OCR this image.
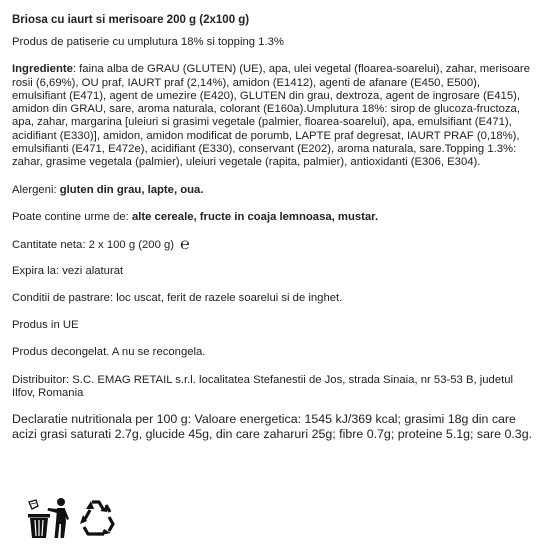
Briosa cu iaurt si merisoare 200 g (2x100 g)

Produs de patiserie cu umplutura 18% si topping 1.3%

Ingrediente: faina alba de GRAU (GLUTEN) (UE), apa, ulei vegetal (floarea-soarelui), zahar, merisoare rosii (6,69%), OU praf, IAURT praf (2,14%), amidon (E1412), agenti de afanare (E450, E500), emulsifiant (E471), agent de umezire (E420), GLUTEN din grau, dextroza, agent de ingrosare (E415), amidon din GRAU, sare, aroma naturala, colorant (E160a).Umplutura 18%: sirop de glucoza-fructoza, apa, zahar, margarina [uleiuri si grasimi vegetale (palmier, floarea-soarelui), apa, emulsifiant (E471), acidifiant (E330)], amidon, amidon modificat de porumb, LAPTE praf degresat, IAURT PRAF (0,18%), emulsifianti (E471, E472e), acidifiant (E330), conservant (E202), aroma naturala, sare.Topping 1.3%: zahar, grasime vegetala (palmier), uleiuri vegetale (rapita, palmier), antioxidanti (E306, E304).

Alergeni: gluten din grau, lapte, oua.

Poate contine urme de: alte cereale, fructe in coaja lemnoasa, mustar.

Cantitate neta: 2 x 100 g (200 g) ℮

Expira la: vezi alaturat

Conditii de pastrare: loc uscat, ferit de razele soarelui si de inghet.

Produs in UE

Produs decongelat. A nu se recongela.

Distribuitor: S.C. EMAG RETAIL s.r.l. localitatea Stefanestii de Jos, strada Sinaia, nr 53-53 B, judetul Ilfov, Romania

Declaratie nutritionala per 100 g: Valoare energetica: 1545 kJ/369 kcal; grasimi 18g din care acizi grasi saturati 2.7g, glucide 45g, din care zaharuri 25g; fibre 0.7g; proteine 5.1g; sare 0.3g.
